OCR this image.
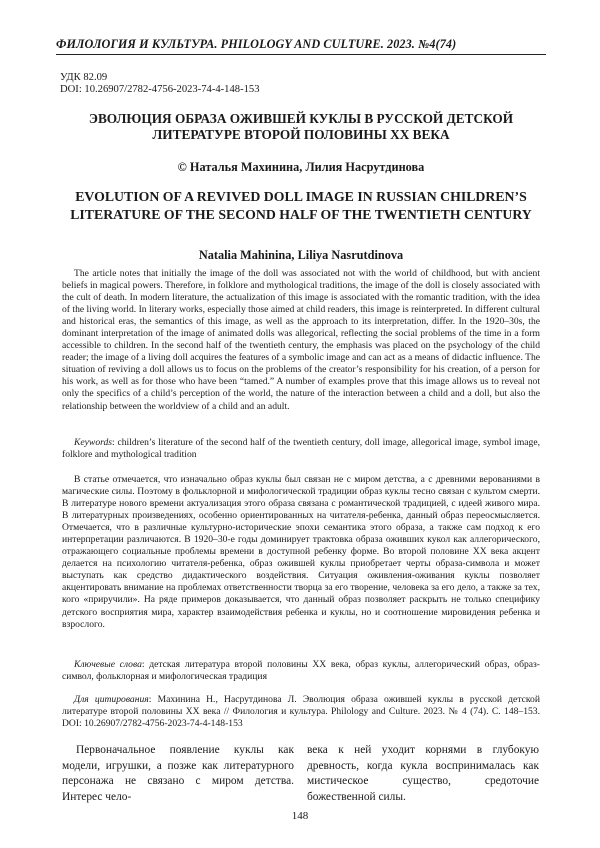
ФИЛОЛОГИЯ И КУЛЬТУРА. PHILOLOGY AND CULTURE. 2023. №4(74)
УДК 82.09
DOI: 10.26907/2782-4756-2023-74-4-148-153
ЭВОЛЮЦИЯ ОБРАЗА ОЖИВШЕЙ КУКЛЫ В РУССКОЙ ДЕТСКОЙ ЛИТЕРАТУРЕ ВТОРОЙ ПОЛОВИНЫ XX ВЕКА
© Наталья Махинина, Лилия Насрутдинова
EVOLUTION OF A REVIVED DOLL IMAGE IN RUSSIAN CHILDREN’S LITERATURE OF THE SECOND HALF OF THE TWENTIETH CENTURY
Natalia Mahinina, Liliya Nasrutdinova

The article notes that initially the image of the doll was associated not with the world of childhood, but with ancient beliefs in magical powers. Therefore, in folklore and mythological traditions, the image of the doll is closely associated with the cult of death. In modern literature, the actualization of this image is associated with the romantic tradition, with the idea of the living world. In literary works, especially those aimed at child readers, this image is reinterpreted. In different cultural and historical eras, the semantics of this image, as well as the approach to its interpretation, differ. In the 1920–30s, the dominant interpretation of the image of animated dolls was allegorical, reflecting the social problems of the time in a form accessible to children. In the second half of the twentieth century, the emphasis was placed on the psychology of the child reader; the image of a living doll acquires the features of a symbolic image and can act as a means of didactic influence. The situation of reviving a doll allows us to focus on the problems of the creator’s responsibility for his creation, of a person for his work, as well as for those who have been “tamed.” A number of examples prove that this image allows us to reveal not only the specifics of a child’s perception of the world, the nature of the interaction between a child and a doll, but also the relationship between the worldview of a child and an adult.

Keywords: children’s literature of the second half of the twentieth century, doll image, allegorical image, symbol image, folklore and mythological tradition

В статье отмечается, что изначально образ куклы был связан не с миром детства, а с древними верованиями в магические силы. Поэтому в фольклорной и мифологической традиции образ куклы тесно связан с культом смерти. В литературе нового времени актуализация этого образа связана с романтической традицией, с идеей живого мира. В литературных произведениях, особенно ориентированных на читателя-ребенка, данный образ переосмысляется. Отмечается, что в различные культурно-исторические эпохи семантика этого образа, а также сам подход к его интерпретации различаются. В 1920–30-е годы доминирует трактовка образа оживших кукол как аллегорического, отражающего социальные проблемы времени в доступной ребенку форме. Во второй половине XX века акцент делается на психологию читателя-ребенка, образ ожившей куклы приобретает черты образа-символа и может выступать как средство дидактического воздействия. Ситуация оживления-оживания куклы позволяет акцентировать внимание на проблемах ответственности творца за его творение, человека за его дело, а также за тех, кого «приручили». На ряде примеров доказывается, что данный образ позволяет раскрыть не только специфику детского восприятия мира, характер взаимодействия ребенка и куклы, но и соотношение мировидения ребенка и взрослого.

Ключевые слова: детская литература второй половины XX века, образ куклы, аллегорический образ, образ-символ, фольклорная и мифологическая традиция

Для цитирования: Махинина Н., Насрутдинова Л. Эволюция образа ожившей куклы в русской детской литературе второй половины XX века // Филология и культура. Philology and Culture. 2023. № 4 (74). С. 148–153. DOI: 10.26907/2782-4756-2023-74-4-148-153

Первоначальное появление куклы как модели, игрушки, а позже как литературного персонажа не связано с миром детства. Интерес чело-

века к ней уходит корнями в глубокую древность, когда кукла воспринималась как мистическое существо, средоточие божественной силы.

148
